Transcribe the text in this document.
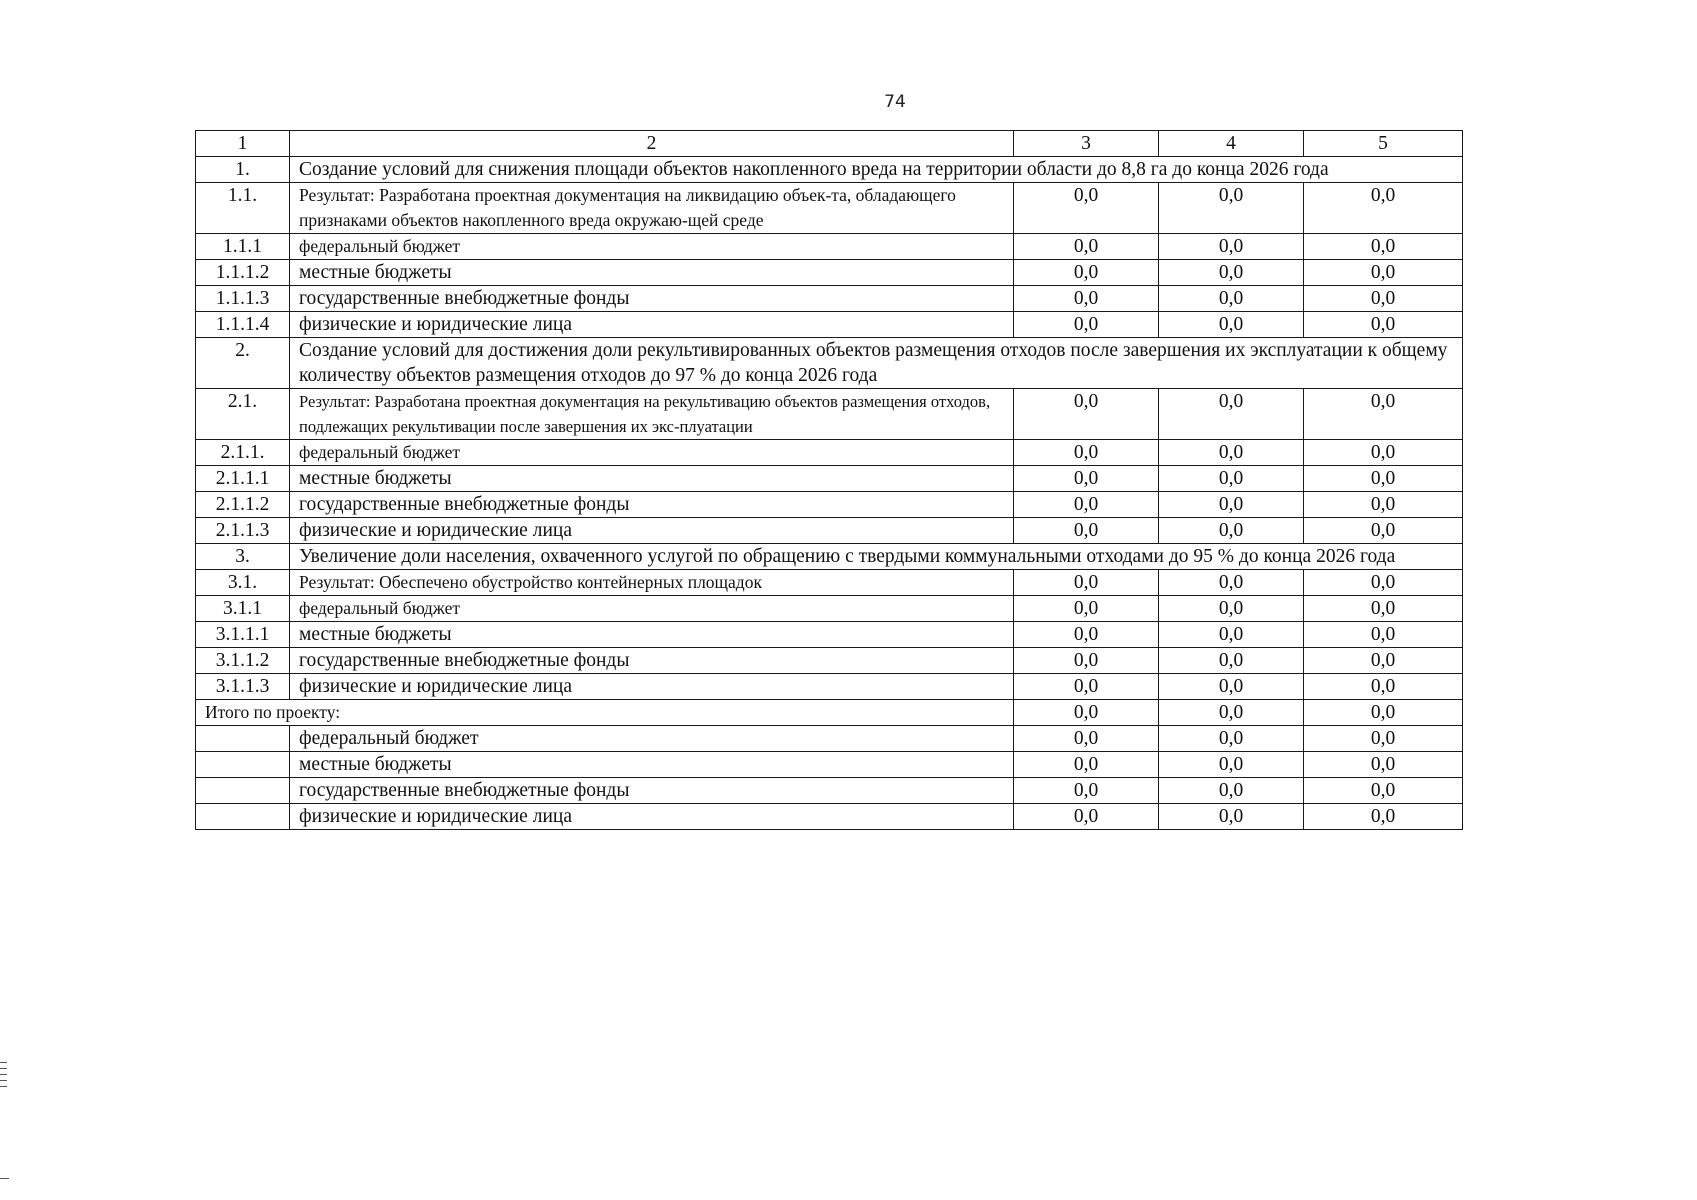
74
1	2	3	4	5
1.	Создание условий для снижения площади объектов накопленного вреда на территории области до 8,8 га до конца 2026 года			
1.1.	Результат: Разработана проектная документация на ликвидацию объек-та, обладающего признаками объектов накопленного вреда окружаю-щей среде	0,0	0,0	0,0
1.1.1	федеральный бюджет	0,0	0,0	0,0
1.1.1.2	местные бюджеты	0,0	0,0	0,0
1.1.1.3	государственные внебюджетные фонды	0,0	0,0	0,0
1.1.1.4	физические и юридические лица	0,0	0,0	0,0
2.	Создание условий для достижения доли рекультивированных объектов размещения отходов после завершения их эксплуатации к общему количеству объектов размещения отходов до 97 % до конца 2026 года			
2.1.	Результат: Разработана проектная документация на рекультивацию объектов размещения отходов, подлежащих рекультивации после завершения их экс-плуатации	0,0	0,0	0,0
2.1.1.	федеральный бюджет	0,0	0,0	0,0
2.1.1.1	местные бюджеты	0,0	0,0	0,0
2.1.1.2	государственные внебюджетные фонды	0,0	0,0	0,0
2.1.1.3	физические и юридические лица	0,0	0,0	0,0
3.	Увеличение доли населения, охваченного услугой по обращению с твердыми коммунальными отходами до 95 % до конца 2026 года			
3.1.	Результат: Обеспечено обустройство контейнерных площадок	0,0	0,0	0,0
3.1.1	федеральный бюджет	0,0	0,0	0,0
3.1.1.1	местные бюджеты	0,0	0,0	0,0
3.1.1.2	государственные внебюджетные фонды	0,0	0,0	0,0
3.1.1.3	физические и юридические лица	0,0	0,0	0,0
Итого по проекту:		0,0	0,0	0,0
	федеральный бюджет	0,0	0,0	0,0
	местные бюджеты	0,0	0,0	0,0
	государственные внебюджетные фонды	0,0	0,0	0,0
	физические и юридические лица	0,0	0,0	0,0
